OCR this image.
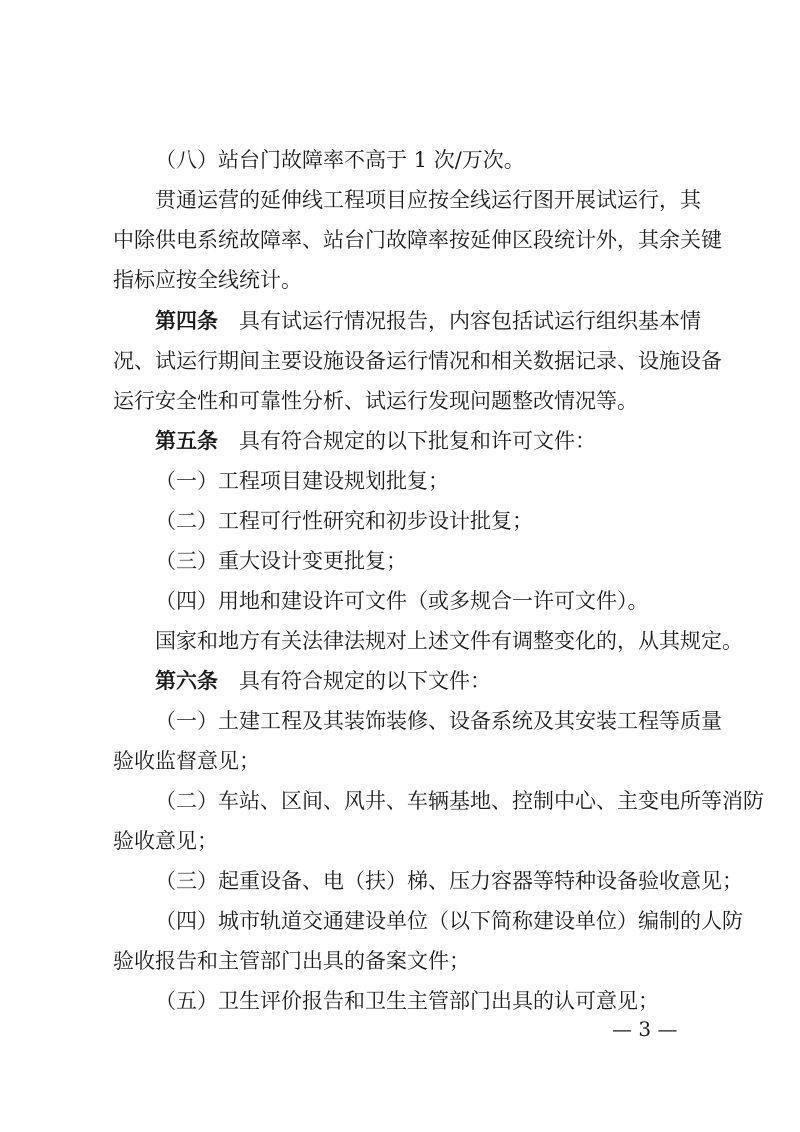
（八）站台门故障率不高于 1 次/万次。
贯通运营的延伸线工程项目应按全线运行图开展试运行，其
中除供电系统故障率、站台门故障率按延伸区段统计外，其余关键
指标应按全线统计。
第四条 具有试运行情况报告，内容包括试运行组织基本情
况、试运行期间主要设施设备运行情况和相关数据记录、设施设备
运行安全性和可靠性分析、试运行发现问题整改情况等。
第五条 具有符合规定的以下批复和许可文件：
（一）工程项目建设规划批复；
（二）工程可行性研究和初步设计批复；
（三）重大设计变更批复；
（四）用地和建设许可文件（或多规合一许可文件）。
国家和地方有关法律法规对上述文件有调整变化的，从其规定。
第六条 具有符合规定的以下文件：
（一）土建工程及其装饰装修、设备系统及其安装工程等质量
验收监督意见；
（二）车站、区间、风井、车辆基地、控制中心、主变电所等消防
验收意见；
（三）起重设备、电（扶）梯、压力容器等特种设备验收意见；
（四）城市轨道交通建设单位（以下简称建设单位）编制的人防
验收报告和主管部门出具的备案文件；
（五）卫生评价报告和卫生主管部门出具的认可意见；
— 3 —
